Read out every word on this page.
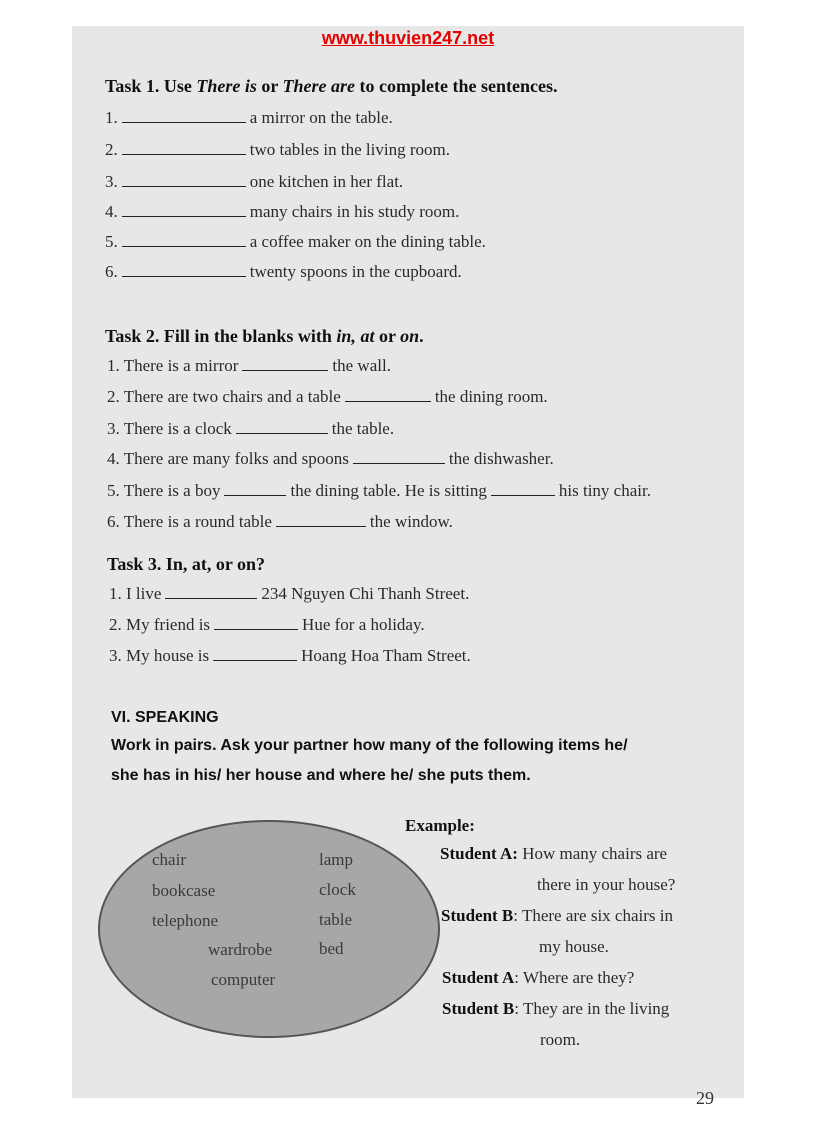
www.thuvien247.net
Task 1. Use There is or There are to complete the sentences.
1.	a mirror on the table.
2.	two tables in the living room.
3.	one kitchen in her flat.
4.	many chairs in his study room.
5.	a coffee maker on the dining table.
6.	twenty spoons in the cupboard.
Task 2. Fill in the blanks with in, at or on.
1. There is a mirror	the wall.
2. There are two chairs and a table	the dining room.
3. There is a clock	the table.
4. There are many folks and spoons	the dishwasher.
5. There is a boy	the dining table. He is sitting	his tiny chair.
6. There is a round table	the window.
Task 3. In, at, or on?
1. I live	234 Nguyen Chi Thanh Street.
2. My friend is	Hue for a holiday.
3. My house is	Hoang Hoa Tham Street.
VI. SPEAKING
Work in pairs. Ask your partner how many of the following items he/
she has in his/ her house and where he/ she puts them.
chair	lamp
bookcase	clock
telephone	table
wardrobe	bed
computer
Example:
Student A: How many chairs are
there in your house?
Student B: There are six chairs in
my house.
Student A: Where are they?
Student B: They are in the living
room.
29
